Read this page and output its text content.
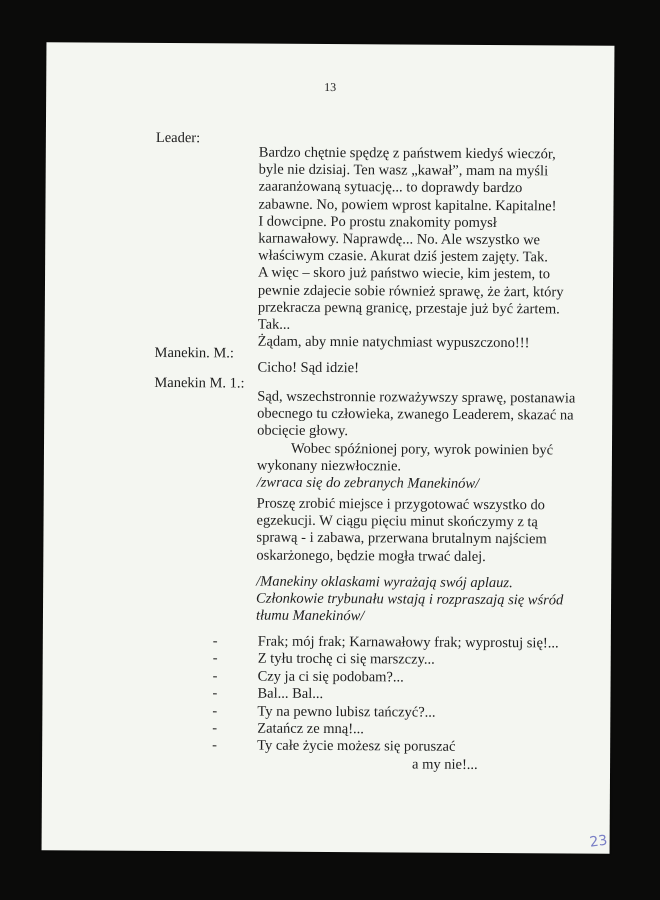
13
Leader:
Bardzo chętnie spędzę z państwem kiedyś wieczór,
byle nie dzisiaj. Ten wasz „kawał”, mam na myśli
zaaranżowaną sytuację... to doprawdy bardzo
zabawne. No, powiem wprost kapitalne. Kapitalne!
I dowcipne. Po prostu znakomity pomysł
karnawałowy. Naprawdę... No. Ale wszystko we
właściwym czasie. Akurat dziś jestem zajęty. Tak.
A więc – skoro już państwo wiecie, kim jestem, to
pewnie zdajecie sobie również sprawę, że żart, który
przekracza pewną granicę, przestaje już być żartem.
Tak...
Żądam, aby mnie natychmiast wypuszczono!!!
Manekin. M.:
Cicho! Sąd idzie!
Manekin M. 1.:
Sąd, wszechstronnie rozważywszy sprawę, postanawia
obecnego tu człowieka, zwanego Leaderem, skazać na
obcięcie głowy.
Wobec spóźnionej pory, wyrok powinien być
wykonany niezwłocznie.
/zwraca się do zebranych Manekinów/
Proszę zrobić miejsce i przygotować wszystko do
egzekucji. W ciągu pięciu minut skończymy z tą
sprawą - i zabawa, przerwana brutalnym najściem
oskarżonego, będzie mogła trwać dalej.
/Manekiny oklaskami wyrażają swój aplauz.
Członkowie trybunału wstają i rozpraszają się wśród
tłumu Manekinów/
-	Frak; mój frak; Karnawałowy frak; wyprostuj się!...
-	Z tyłu trochę ci się marszczy...
-	Czy ja ci się podobam?...
-	Bal... Bal...
-	Ty na pewno lubisz tańczyć?...
-	Zatańcz ze mną!...
-	Ty całe życie możesz się poruszać
a my nie!...
23
